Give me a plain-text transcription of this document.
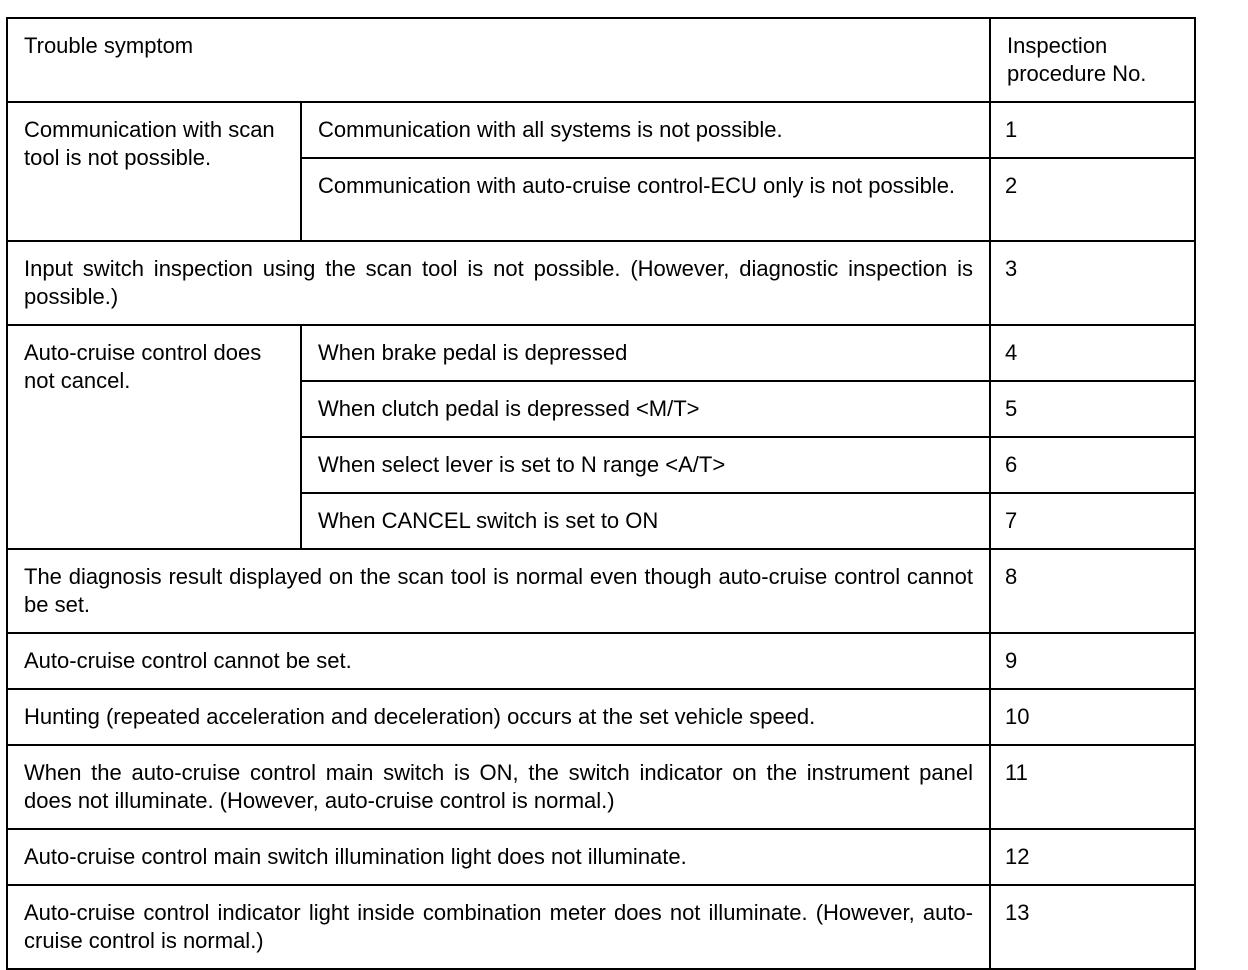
Trouble symptom		Inspection procedure No.
Communication with scan tool is not possible.	Communication with all systems is not possible.	1
	Communication with auto-cruise control-ECU only is not possible.	2
Input switch inspection using the scan tool is not possible. (However, diagnostic inspection is possible.)		3
Auto-cruise control does not cancel.	When brake pedal is depressed	4
	When clutch pedal is depressed <M/T>	5
	When select lever is set to N range <A/T>	6
	When CANCEL switch is set to ON	7
The diagnosis result displayed on the scan tool is normal even though auto-cruise control cannot be set.		8
Auto-cruise control cannot be set.		9
Hunting (repeated acceleration and deceleration) occurs at the set vehicle speed.		10
When the auto-cruise control main switch is ON, the switch indicator on the instrument panel does not illuminate. (However, auto-cruise control is normal.)		11
Auto-cruise control main switch illumination light does not illuminate.		12
Auto-cruise control indicator light inside combination meter does not illuminate. (However, auto-cruise control is normal.)		13
